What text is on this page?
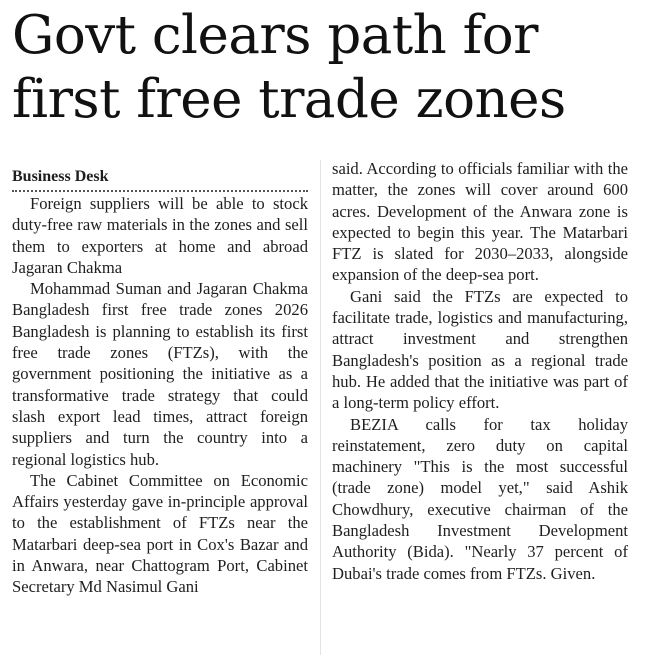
Govt clears path for
first free trade zones
Business Desk

Foreign suppliers will be able to stock duty-free raw materials in the zones and sell them to exporters at home and abroad Jagaran Chakma

Mohammad Suman and Jagaran Chakma Bangladesh first free trade zones 2026 Bangladesh is planning to establish its first free trade zones (FTZs), with the government positioning the initiative as a transformative trade strategy that could slash export lead times, attract foreign suppliers and turn the country into a regional logistics hub.

The Cabinet Committee on Economic Affairs yesterday gave in-principle approval to the establishment of FTZs near the Matarbari deep-sea port in Cox's Bazar and in Anwara, near Chattogram Port, Cabinet Secretary Md Nasimul Gani

said. According to officials familiar with the matter, the zones will cover around 600 acres. Development of the Anwara zone is expected to begin this year. The Matarbari FTZ is slated for 2030–2033, alongside expansion of the deep-sea port.

Gani said the FTZs are expected to facilitate trade, logistics and manufacturing, attract investment and strengthen Bangladesh's position as a regional trade hub. He added that the initiative was part of a long-term policy effort.

BEZIA calls for tax holiday reinstatement, zero duty on capital machinery "This is the most successful (trade zone) model yet," said Ashik Chowdhury, executive chairman of the Bangladesh Investment Development Authority (Bida). "Nearly 37 percent of Dubai's trade comes from FTZs. Given.
